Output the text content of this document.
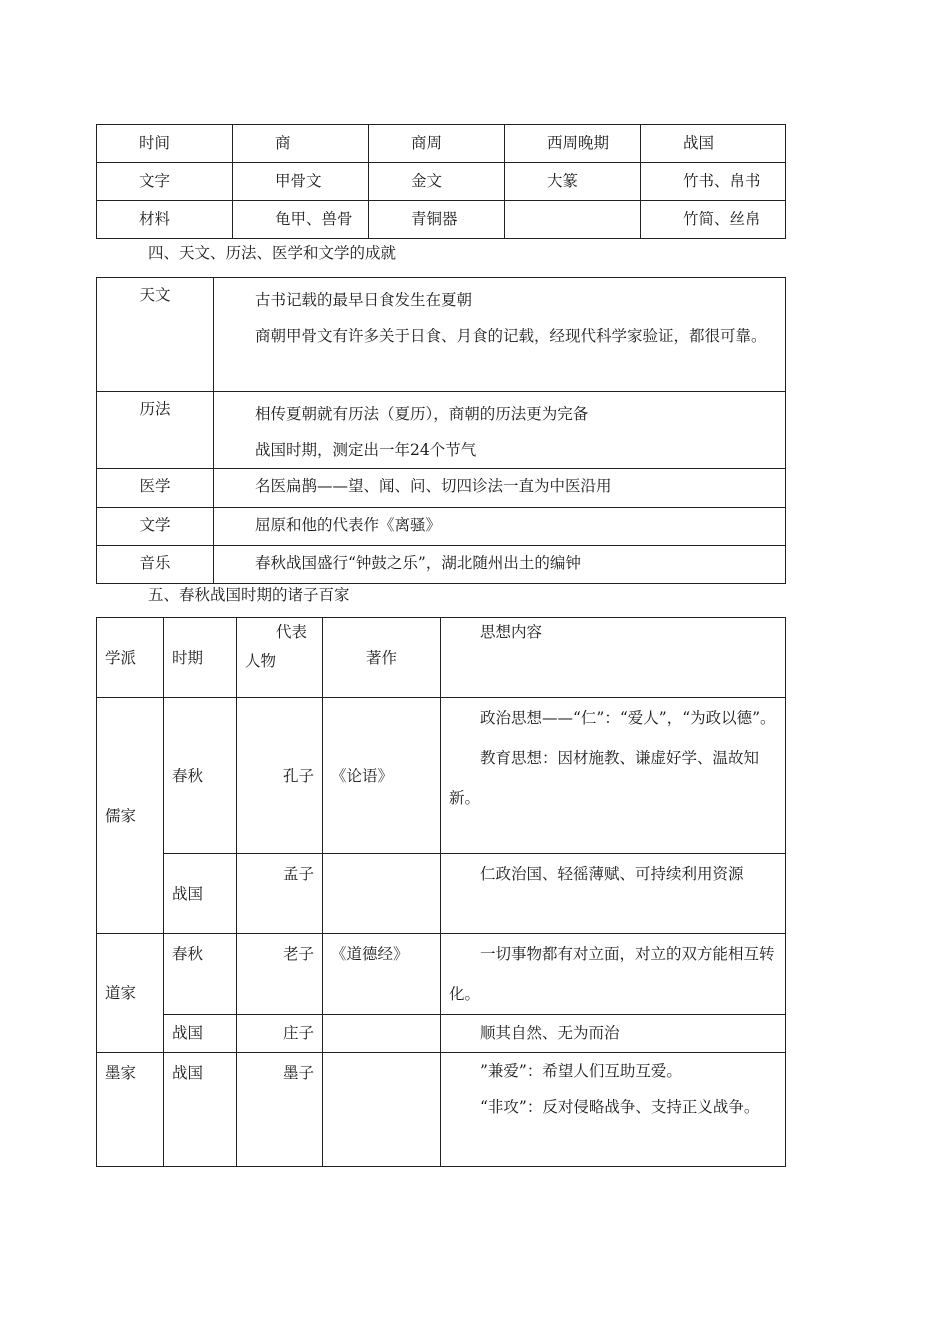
时间	商	商周	西周晚期	战国

文字	甲骨文	金文	大篆	竹书、帛书

材料	龟甲、兽骨	青铜器		竹简、丝帛
四、天文、历法、医学和文学的成就
天文	古书记载的最早日食发生在夏朝
商朝甲骨文有许多关于日食、月食的记载，经现代科学家验证，都很可靠。

历法	相传夏朝就有历法（夏历），商朝的历法更为完备
战国时期，测定出一年24个节气

医学	名医扁鹊——望、闻、问、切四诊法一直为中医沿用

文学	屈原和他的代表作《离骚》

音乐	春秋战国盛行“钟鼓之乐”，湖北随州出土的编钟
五、春秋战国时期的诸子百家
学派	时期	代表人物	著作	思想内容

儒家	春秋	孔子	《论语》	政治思想——“仁”：“爱人”，“为政以德”。
教育思想：因材施教、谦虚好学、温故知新。

	战国	孟子		仁政治国、轻徭薄赋、可持续利用资源

道家	春秋	老子	《道德经》	一切事物都有对立面，对立的双方能相互转化。

	战国	庄子		顺其自然、无为而治

墨家	战国	墨子		”兼爱”：希望人们互助互爱。
“非攻”：反对侵略战争、支持正义战争。
